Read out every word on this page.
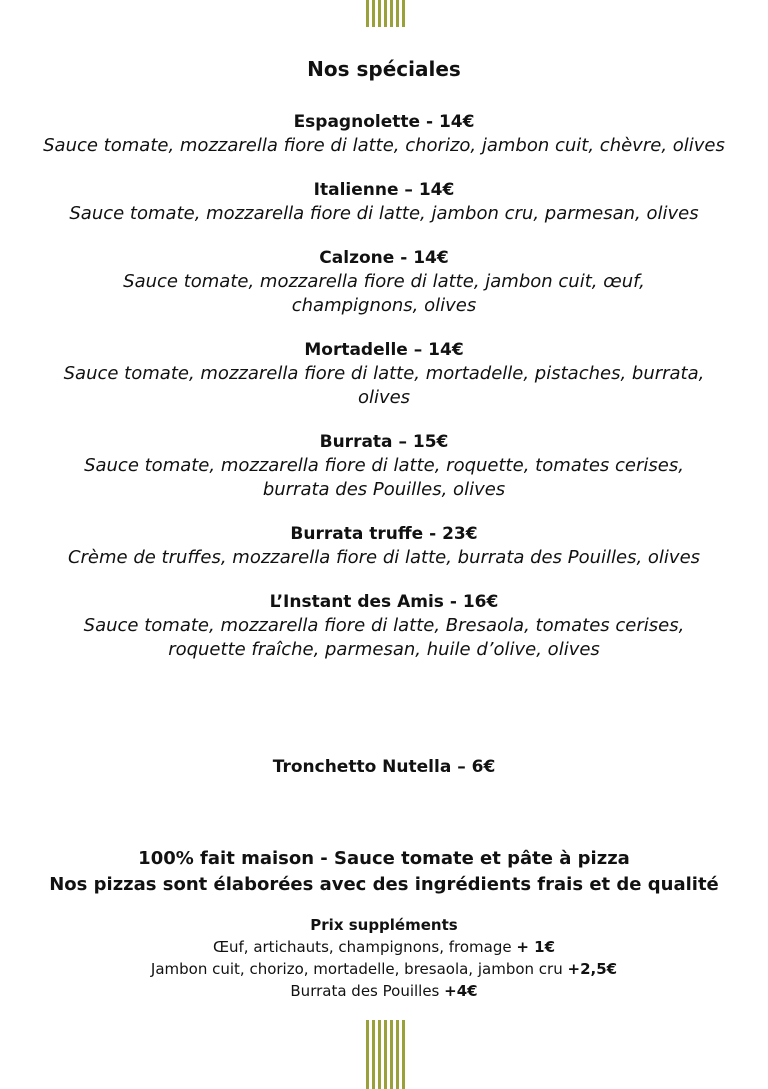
Nos spéciales
Espagnolette - 14€
Sauce tomate, mozzarella fiore di latte, chorizo, jambon cuit, chèvre, olives
Italienne – 14€
Sauce tomate, mozzarella fiore di latte, jambon cru, parmesan, olives
Calzone - 14€
Sauce tomate, mozzarella fiore di latte, jambon cuit, œuf, champignons, olives
Mortadelle – 14€
Sauce tomate, mozzarella fiore di latte, mortadelle, pistaches, burrata, olives
Burrata – 15€
Sauce tomate, mozzarella fiore di latte, roquette, tomates cerises, burrata des Pouilles, olives
Burrata truffe - 23€
Crème de truffes, mozzarella fiore di latte, burrata des Pouilles, olives
L’Instant des Amis - 16€
Sauce tomate, mozzarella fiore di latte, Bresaola, tomates cerises, roquette fraîche, parmesan, huile d’olive, olives
Tronchetto Nutella – 6€
100% fait maison - Sauce tomate et pâte à pizza
Nos pizzas sont élaborées avec des ingrédients frais et de qualité
Prix suppléments
Œuf, artichauts, champignons, fromage + 1€
Jambon cuit, chorizo, mortadelle, bresaola, jambon cru +2,5€
Burrata des Pouilles +4€
